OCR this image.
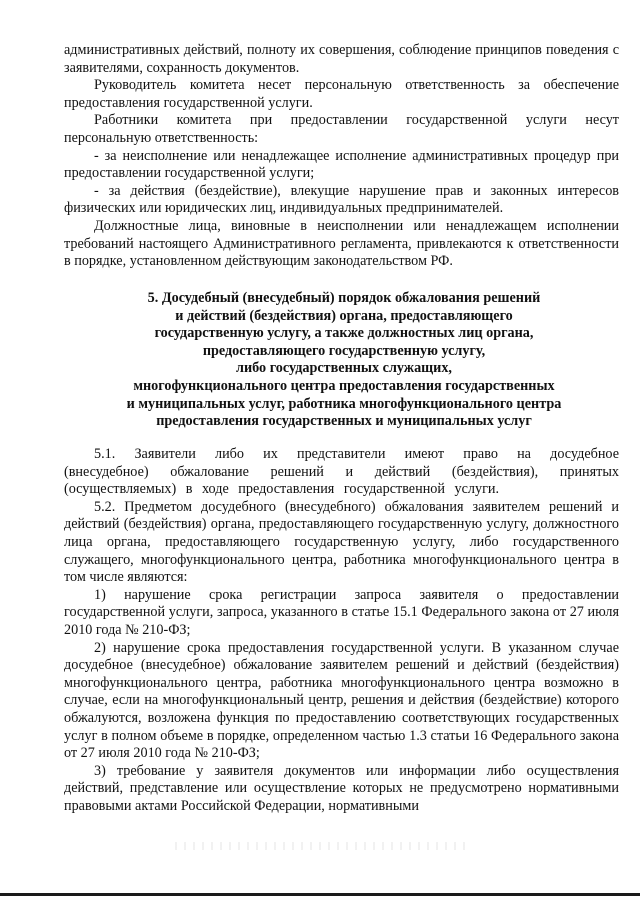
административных действий, полноту их совершения, соблюдение принципов поведения с заявителями, сохранность документов.

Руководитель комитета несет персональную ответственность за обеспечение предоставления государственной услуги.

Работники комитета при предоставлении государственной услуги несут персональную ответственность:

- за неисполнение или ненадлежащее исполнение административных процедур при предоставлении государственной услуги;

- за действия (бездействие), влекущие нарушение прав и законных интересов физических или юридических лиц, индивидуальных предпринимателей.

Должностные лица, виновные в неисполнении или ненадлежащем исполнении требований настоящего Административного регламента, привлекаются к ответственности в порядке, установленном действующим законодательством РФ.

5. Досудебный (внесудебный) порядок обжалования решений
и действий (бездействия) органа, предоставляющего
государственную услугу, а также должностных лиц органа,
предоставляющего государственную услугу,
либо государственных служащих,
многофункционального центра предоставления государственных
и муниципальных услуг, работника многофункционального центра
предоставления государственных и муниципальных услуг

5.1. Заявители либо их представители имеют право на досудебное (внесудебное) обжалование решений и действий (бездействия), принятых (осуществляемых) в ходе предоставления государственной услуги.

5.2. Предметом досудебного (внесудебного) обжалования заявителем решений и действий (бездействия) органа, предоставляющего государственную услугу, должностного лица органа, предоставляющего государственную услугу, либо государственного служащего, многофункционального центра, работника многофункционального центра в том числе являются:

1) нарушение срока регистрации запроса заявителя о предоставлении государственной услуги, запроса, указанного в статье 15.1 Федерального закона от 27 июля 2010 года № 210-ФЗ;

2) нарушение срока предоставления государственной услуги. В указанном случае досудебное (внесудебное) обжалование заявителем решений и действий (бездействия) многофункционального центра, работника многофункционального центра возможно в случае, если на многофункциональный центр, решения и действия (бездействие) которого обжалуются, возложена функция по предоставлению соответствующих государственных услуг в полном объеме в порядке, определенном частью 1.3 статьи 16 Федерального закона от 27 июля 2010 года № 210-ФЗ;

3) требование у заявителя документов или информации либо осуществления действий, представление или осуществление которых не предусмотрено нормативными правовыми актами Российской Федерации, нормативными
